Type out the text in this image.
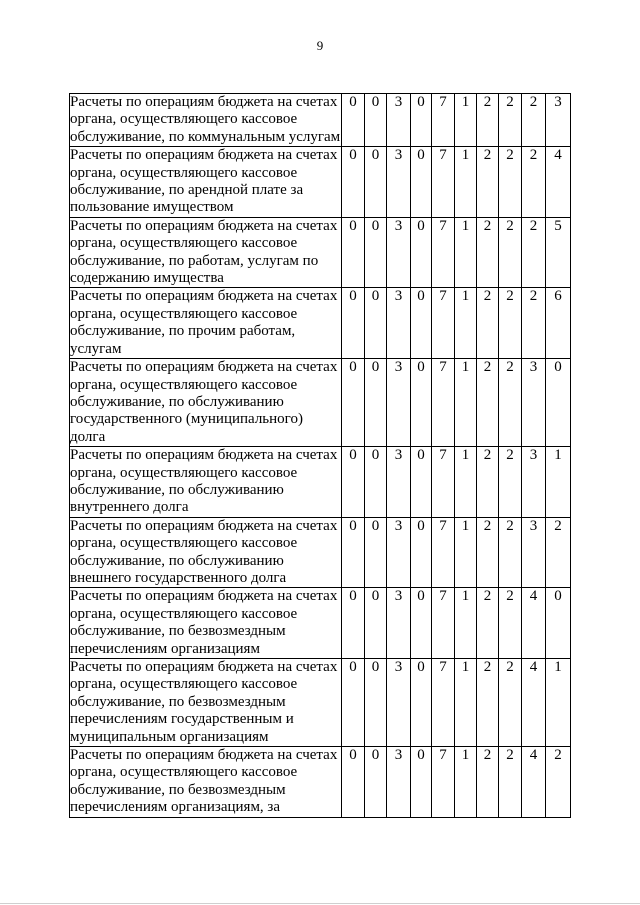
9
Расчеты по операциям бюджета на счетах
органа, осуществляющего кассовое
обслуживание, по коммунальным услугам	0	0	3	0	7	1	2	2	2	3

Расчеты по операциям бюджета на счетах
органа, осуществляющего кассовое
обслуживание, по арендной плате за
пользование имуществом	0	0	3	0	7	1	2	2	2	4

Расчеты по операциям бюджета на счетах
органа, осуществляющего кассовое
обслуживание, по работам, услугам по
содержанию имущества	0	0	3	0	7	1	2	2	2	5

Расчеты по операциям бюджета на счетах
органа, осуществляющего кассовое
обслуживание, по прочим работам,
услугам	0	0	3	0	7	1	2	2	2	6

Расчеты по операциям бюджета на счетах
органа, осуществляющего кассовое
обслуживание, по обслуживанию
государственного (муниципального)
долга	0	0	3	0	7	1	2	2	3	0

Расчеты по операциям бюджета на счетах
органа, осуществляющего кассовое
обслуживание, по обслуживанию
внутреннего долга	0	0	3	0	7	1	2	2	3	1

Расчеты по операциям бюджета на счетах
органа, осуществляющего кассовое
обслуживание, по обслуживанию
внешнего государственного долга	0	0	3	0	7	1	2	2	3	2

Расчеты по операциям бюджета на счетах
органа, осуществляющего кассовое
обслуживание, по безвозмездным
перечислениям организациям	0	0	3	0	7	1	2	2	4	0

Расчеты по операциям бюджета на счетах
органа, осуществляющего кассовое
обслуживание, по безвозмездным
перечислениям государственным и
муниципальным организациям	0	0	3	0	7	1	2	2	4	1

Расчеты по операциям бюджета на счетах
органа, осуществляющего кассовое
обслуживание, по безвозмездным
перечислениям организациям, за	0	0	3	0	7	1	2	2	4	2
